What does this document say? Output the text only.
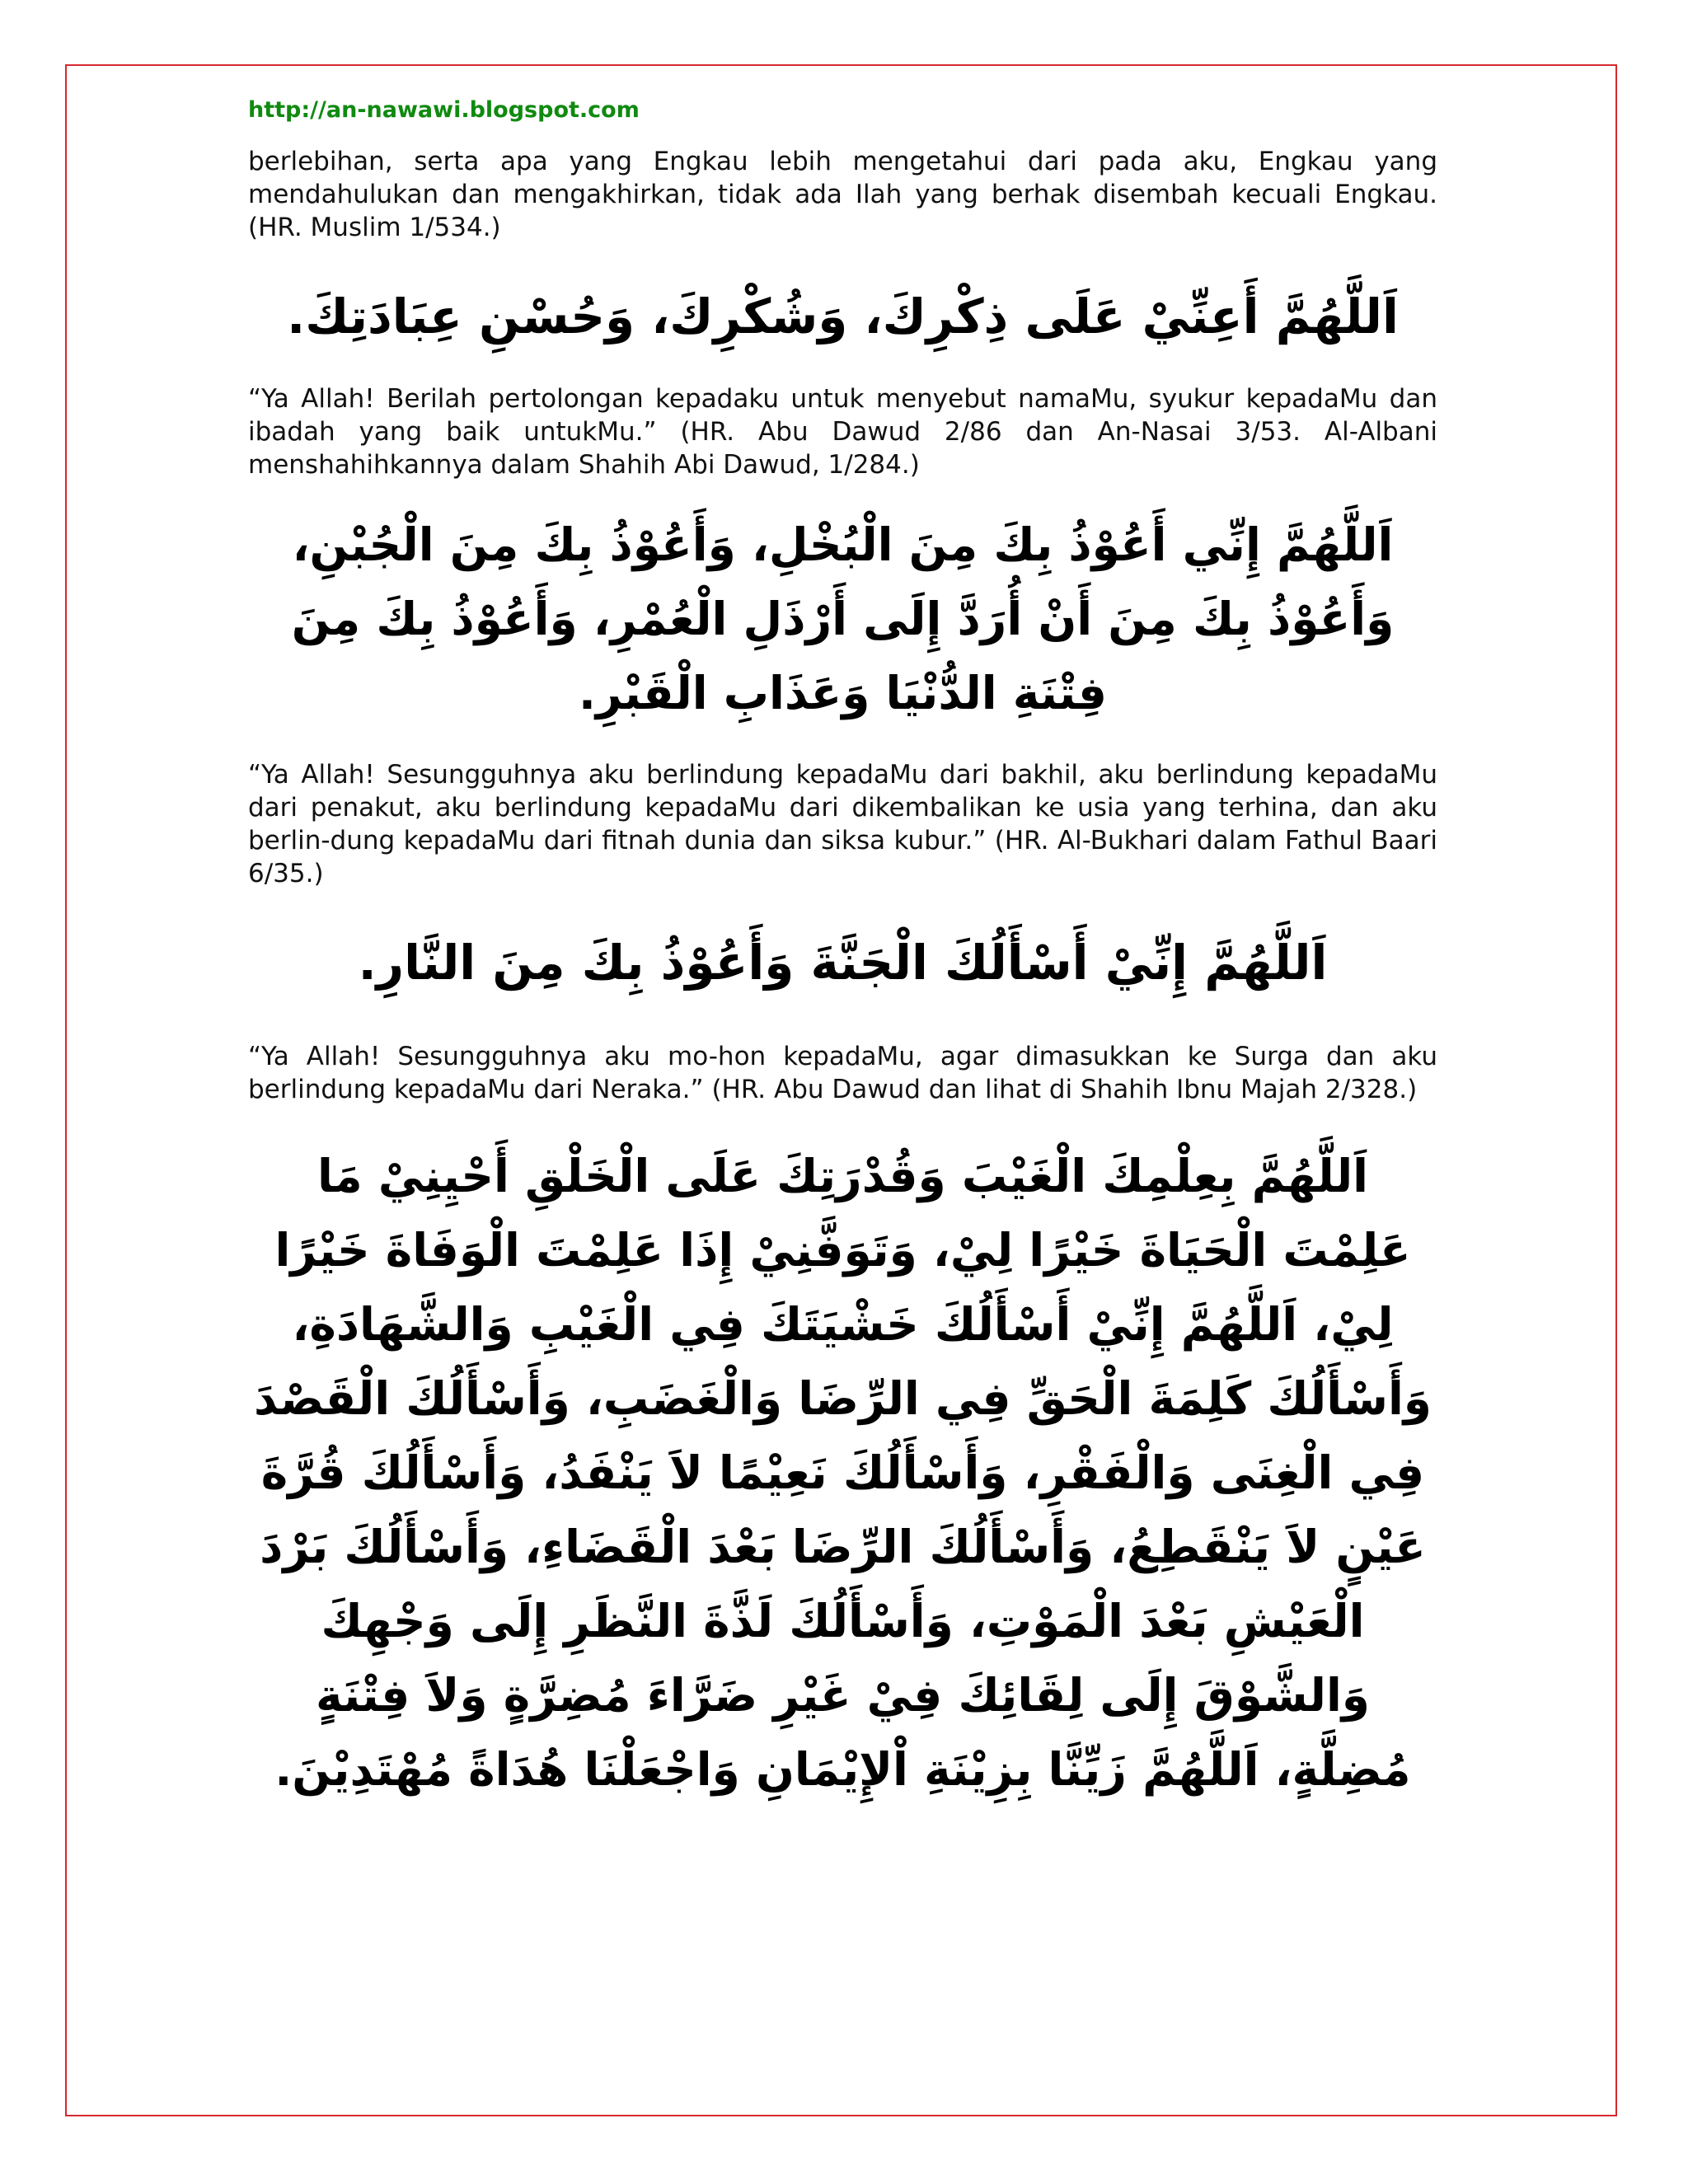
http://an-nawawi.blogspot.com

berlebihan, serta apa yang Engkau lebih mengetahui dari pada aku, Engkau yang mendahulukan dan mengakhirkan, tidak ada Ilah yang berhak disembah kecuali Engkau. (HR. Muslim 1/534.)

اَللَّهُمَّ أَعِنِّيْ عَلَى ذِكْرِكَ، وَشُكْرِكَ، وَحُسْنِ عِبَادَتِكَ.

“Ya Allah! Berilah pertolongan kepadaku untuk menyebut namaMu, syukur kepadaMu dan ibadah yang baik untukMu.” (HR. Abu Dawud 2/86 dan An-Nasai 3/53. Al-Albani menshahihkannya dalam Shahih Abi Dawud, 1/284.)

اَللَّهُمَّ إِنِّي أَعُوْذُ بِكَ مِنَ الْبُخْلِ، وَأَعُوْذُ بِكَ مِنَ الْجُبْنِ، وَأَعُوْذُ بِكَ مِنَ أَنْ أُرَدَّ إِلَى أَرْذَلِ الْعُمْرِ، وَأَعُوْذُ بِكَ مِنَ فِتْنَةِ الدُّنْيَا وَعَذَابِ الْقَبْرِ.

“Ya Allah! Sesungguhnya aku berlindung kepadaMu dari bakhil, aku berlindung kepadaMu dari penakut, aku berlindung kepadaMu dari dikembalikan ke usia yang terhina, dan aku berlin-dung kepadaMu dari fitnah dunia dan siksa kubur.” (HR. Al-Bukhari dalam Fathul Baari 6/35.)

اَللَّهُمَّ إِنِّيْ أَسْأَلُكَ الْجَنَّةَ وَأَعُوْذُ بِكَ مِنَ النَّارِ.

“Ya Allah! Sesungguhnya aku mo-hon kepadaMu, agar dimasukkan ke Surga dan aku berlindung kepadaMu dari Neraka.” (HR. Abu Dawud dan lihat di Shahih Ibnu Majah 2/328.)

اَللَّهُمَّ بِعِلْمِكَ الْغَيْبَ وَقُدْرَتِكَ عَلَى الْخَلْقِ أَحْيِنِيْ مَا عَلِمْتَ الْحَيَاةَ خَيْرًا لِيْ، وَتَوَفَّنِيْ إِذَا عَلِمْتَ الْوَفَاةَ خَيْرًا لِيْ، اَللَّهُمَّ إِنِّيْ أَسْأَلُكَ خَشْيَتَكَ فِي الْغَيْبِ وَالشَّهَادَةِ، وَأَسْأَلُكَ كَلِمَةَ الْحَقِّ فِي الرِّضَا وَالْغَضَبِ، وَأَسْأَلُكَ الْقَصْدَ فِي الْغِنَى وَالْفَقْرِ، وَأَسْأَلُكَ نَعِيْمًا لاَ يَنْفَدُ، وَأَسْأَلُكَ قُرَّةَ عَيْنٍ لاَ يَنْقَطِعُ، وَأَسْأَلُكَ الرِّضَا بَعْدَ الْقَضَاءِ، وَأَسْأَلُكَ بَرْدَ الْعَيْشِ بَعْدَ الْمَوْتِ، وَأَسْأَلُكَ لَذَّةَ النَّظَرِ إِلَى وَجْهِكَ وَالشَّوْقَ إِلَى لِقَائِكَ فِيْ غَيْرِ ضَرَّاءَ مُضِرَّةٍ وَلاَ فِتْنَةٍ مُضِلَّةٍ، اَللَّهُمَّ زَيِّنَّا بِزِيْنَةِ اْلإِيْمَانِ وَاجْعَلْنَا هُدَاةً مُهْتَدِيْنَ.
